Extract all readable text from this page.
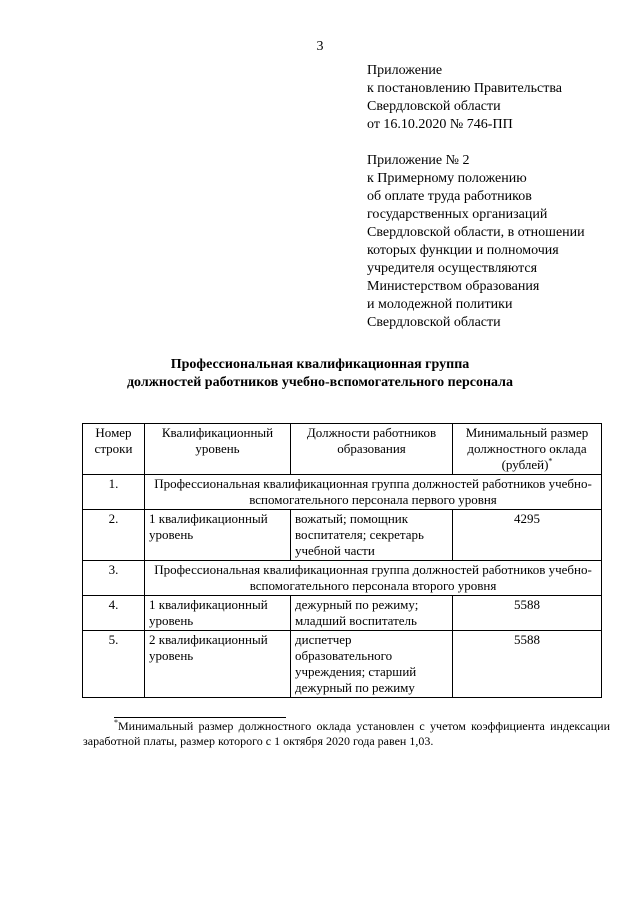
3
Приложение
к постановлению Правительства
Свердловской области
от 16.10.2020 № 746-ПП
Приложение № 2
к Примерному положению
об оплате труда работников
государственных организаций
Свердловской области, в отношении
которых функции и полномочия
учредителя осуществляются
Министерством образования
и молодежной политики
Свердловской области
Профессиональная квалификационная группа
должностей работников учебно-вспомогательного персонала
Номер строки	Квалификационный уровень	Должности работников образования	Минимальный размер должностного оклада (рублей)*
1.	Профессиональная квалификационная группа должностей работников учебно-вспомогательного персонала первого уровня		
2.	1 квалификационный уровень	вожатый; помощник воспитателя; секретарь учебной части	4295
3.	Профессиональная квалификационная группа должностей работников учебно-вспомогательного персонала второго уровня		
4.	1 квалификационный уровень	дежурный по режиму; младший воспитатель	5588
5.	2 квалификационный уровень	диспетчер образовательного учреждения; старший дежурный по режиму	5588
*Минимальный размер должностного оклада установлен с учетом коэффициента индексации заработной платы, размер которого с 1 октября 2020 года равен 1,03.
